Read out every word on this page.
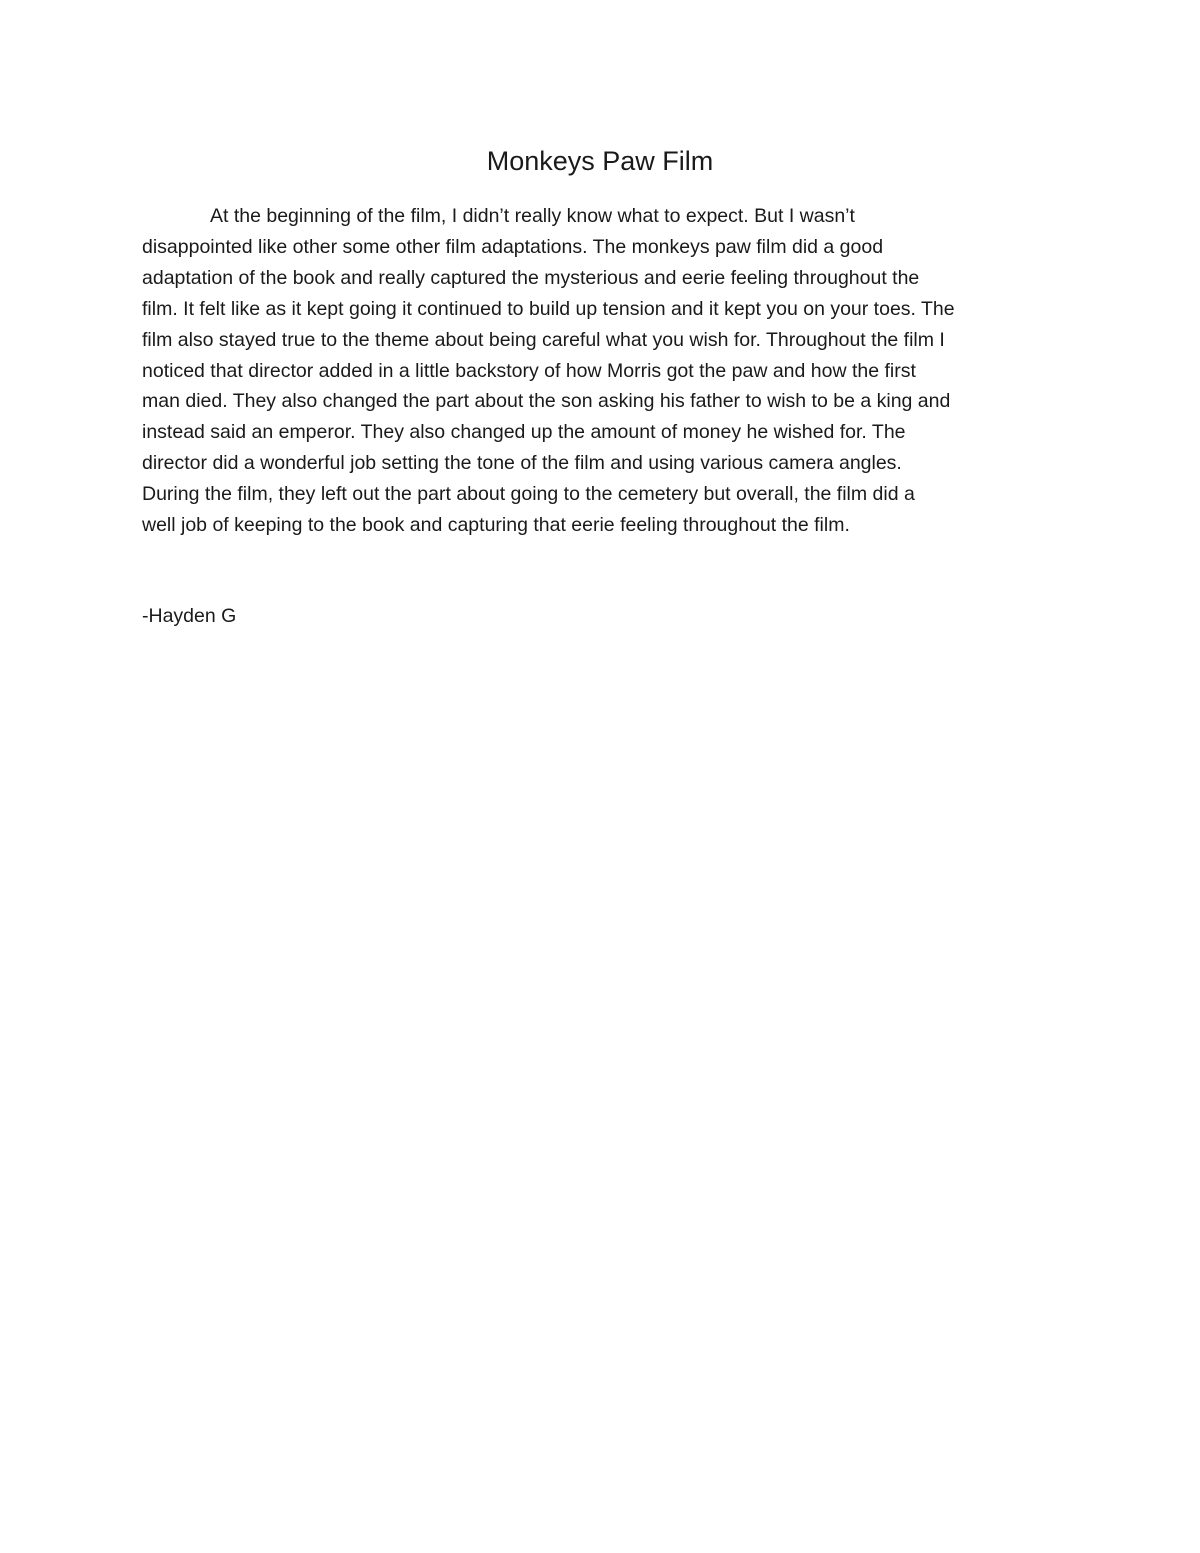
Monkeys Paw Film

At the beginning of the film, I didn’t really know what to expect. But I wasn’t
disappointed like other some other film adaptations. The monkeys paw film did a good
adaptation of the book and really captured the mysterious and eerie feeling throughout the
film. It felt like as it kept going it continued to build up tension and it kept you on your toes. The
film also stayed true to the theme about being careful what you wish for. Throughout the film I
noticed that director added in a little backstory of how Morris got the paw and how the first
man died. They also changed the part about the son asking his father to wish to be a king and
instead said an emperor. They also changed up the amount of money he wished for. The
director did a wonderful job setting the tone of the film and using various camera angles.
During the film, they left out the part about going to the cemetery but overall, the film did a
well job of keeping to the book and capturing that eerie feeling throughout the film.

-Hayden G
